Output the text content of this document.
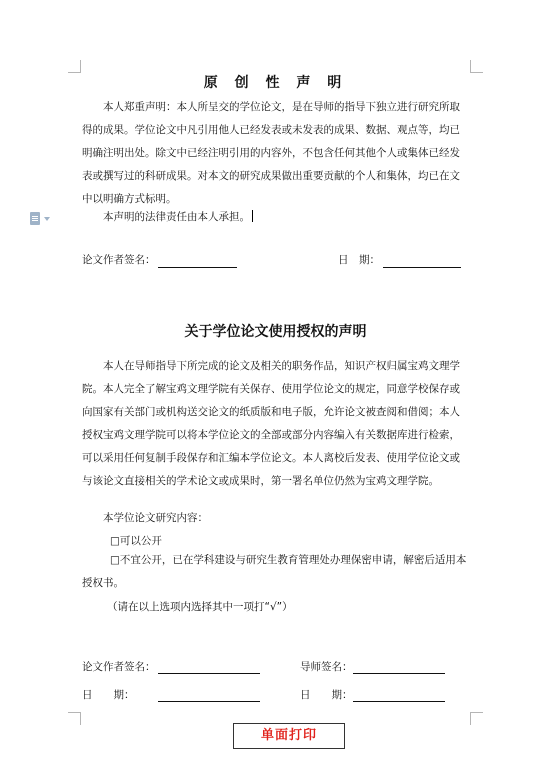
原 创 性 声 明

本人郑重声明：本人所呈交的学位论文，是在导师的指导下独立进行研究所取得的成果。学位论文中凡引用他人已经发表或未发表的成果、数据、观点等，均已明确注明出处。除文中已经注明引用的内容外，不包含任何其他个人或集体已经发表或撰写过的科研成果。对本文的研究成果做出重要贡献的个人和集体，均已在文中以明确方式标明。

本声明的法律责任由本人承担。
论文作者签名：	日　期：
关于学位论文使用授权的声明

本人在导师指导下所完成的论文及相关的职务作品，知识产权归属宝鸡文理学院。本人完全了解宝鸡文理学院有关保存、使用学位论文的规定，同意学校保存或向国家有关部门或机构送交论文的纸质版和电子版，允许论文被查阅和借阅；本人授权宝鸡文理学院可以将本学位论文的全部或部分内容编入有关数据库进行检索，可以采用任何复制手段保存和汇编本学位论文。本人离校后发表、使用学位论文或与该论文直接相关的学术论文或成果时，第一署名单位仍然为宝鸡文理学院。

本学位论文研究内容：
□可以公开

□不宜公开，已在学科建设与研究生教育管理处办理保密申请，解密后适用本授权书。

（请在以上选项内选择其中一项打“√”）
论文作者签名：	导师签名：
日　　期：	日　　期：
单面打印
